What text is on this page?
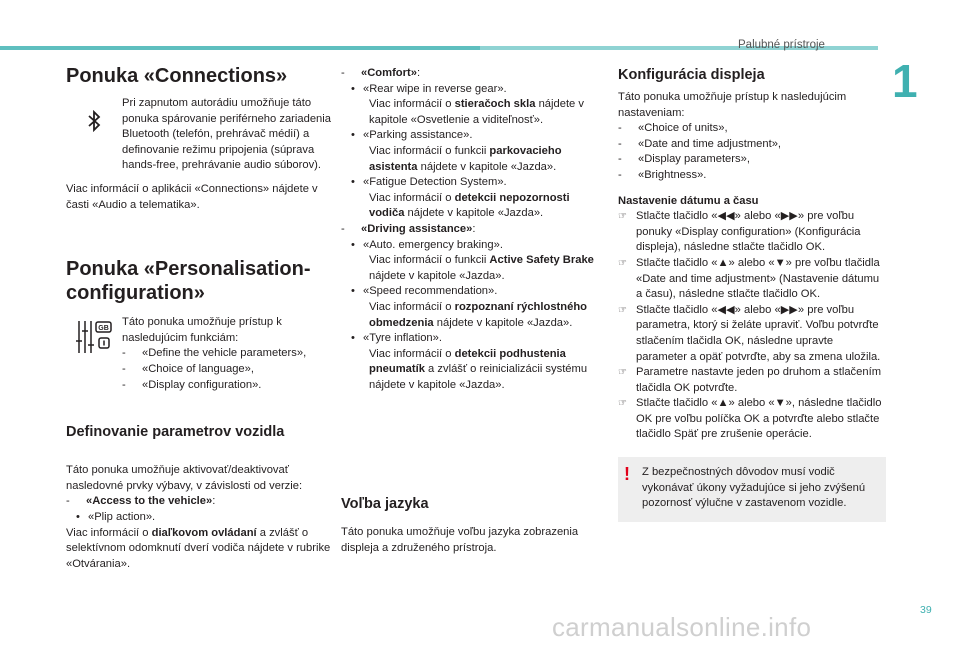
Palubné prístroje
1
Ponuka «Connections»

Pri zapnutom autorádiu umožňuje táto ponuka spárovanie periférneho zariadenia Bluetooth (telefón, prehrávač médií) a definovanie režimu pripojenia (súprava hands-free, prehrávanie audio súborov).

Viac informácií o aplikácii «Connections» nájdete v časti «Audio a telematika».

Ponuka «Personalisation-configuration»
GB

Táto ponuka umožňuje prístup k nasledujúcim funkciám:

-	«Define the vehicle parameters»,
-	«Choice of language»,
-	«Display configuration».
Definovanie parametrov vozidla

Táto ponuka umožňuje aktivovať/deaktivovať nasledovné prvky výbavy, v závislosti od verzie:

-	«Access to the vehicle» :
• «Plip action».

Viac informácií o diaľkovom ovládaní a zvlášť o selektívnom odomknutí dverí vodiča nájdete v rubrike «Otvárania».

-	«Comfort» :
• «Rear wipe in reverse gear».

Viac informácií o stieračoch skla nájdete v kapitole «Osvetlenie a viditeľnosť».

• «Parking assistance».

Viac informácií o funkcii parkovacieho asistenta nájdete v kapitole «Jazda».

• «Fatigue Detection System».

Viac informácií o detekcii nepozornosti vodiča nájdete v kapitole «Jazda».

-	«Driving assistance» :
• «Auto. emergency braking».

Viac informácií o funkcii Active Safety Brake nájdete v kapitole «Jazda».

• «Speed recommendation».

Viac informácií o rozpoznaní rýchlostného obmedzenia nájdete v kapitole «Jazda».

• «Tyre inflation».

Viac informácií o detekcii podhustenia pneumatík a zvlášť o reinicializácii systému nájdete v kapitole «Jazda».

Voľba jazyka

Táto ponuka umožňuje voľbu jazyka zobrazenia displeja a združeného prístroja.

Konfigurácia displeja

Táto ponuka umožňuje prístup k nasledujúcim nastaveniam:

-	«Choice of units»,
-	«Date and time adjustment»,
-	«Display parameters»,
-	«Brightness».

Nastavenie dátumu a času

☞ Stlačte tlačidlo «◀◀» alebo «▶▶» pre voľbu ponuky «Display configuration» (Konfigurácia displeja), následne stlačte tlačidlo OK.
☞ Stlačte tlačidlo «▲» alebo «▼» pre voľbu tlačidla «Date and time adjustment» (Nastavenie dátumu a času), následne stlačte tlačidlo OK.
☞ Stlačte tlačidlo «◀◀» alebo «▶▶» pre voľbu parametra, ktorý si želáte upraviť. Voľbu potvrďte stlačením tlačidla OK, následne upravte parameter a opäť potvrďte, aby sa zmena uložila.
☞ Parametre nastavte jeden po druhom a stlačením tlačidla OK potvrďte.
☞ Stlačte tlačidlo «▲» alebo «▼», následne tlačidlo OK pre voľbu políčka OK a potvrďte alebo stlačte tlačidlo Späť pre zrušenie operácie.
!	Z bezpečnostných dôvodov musí vodič vykonávať úkony vyžadujúce si jeho zvýšenú pozornosť výlučne v zastavenom vozidle.

39
carmanualsonline.info
